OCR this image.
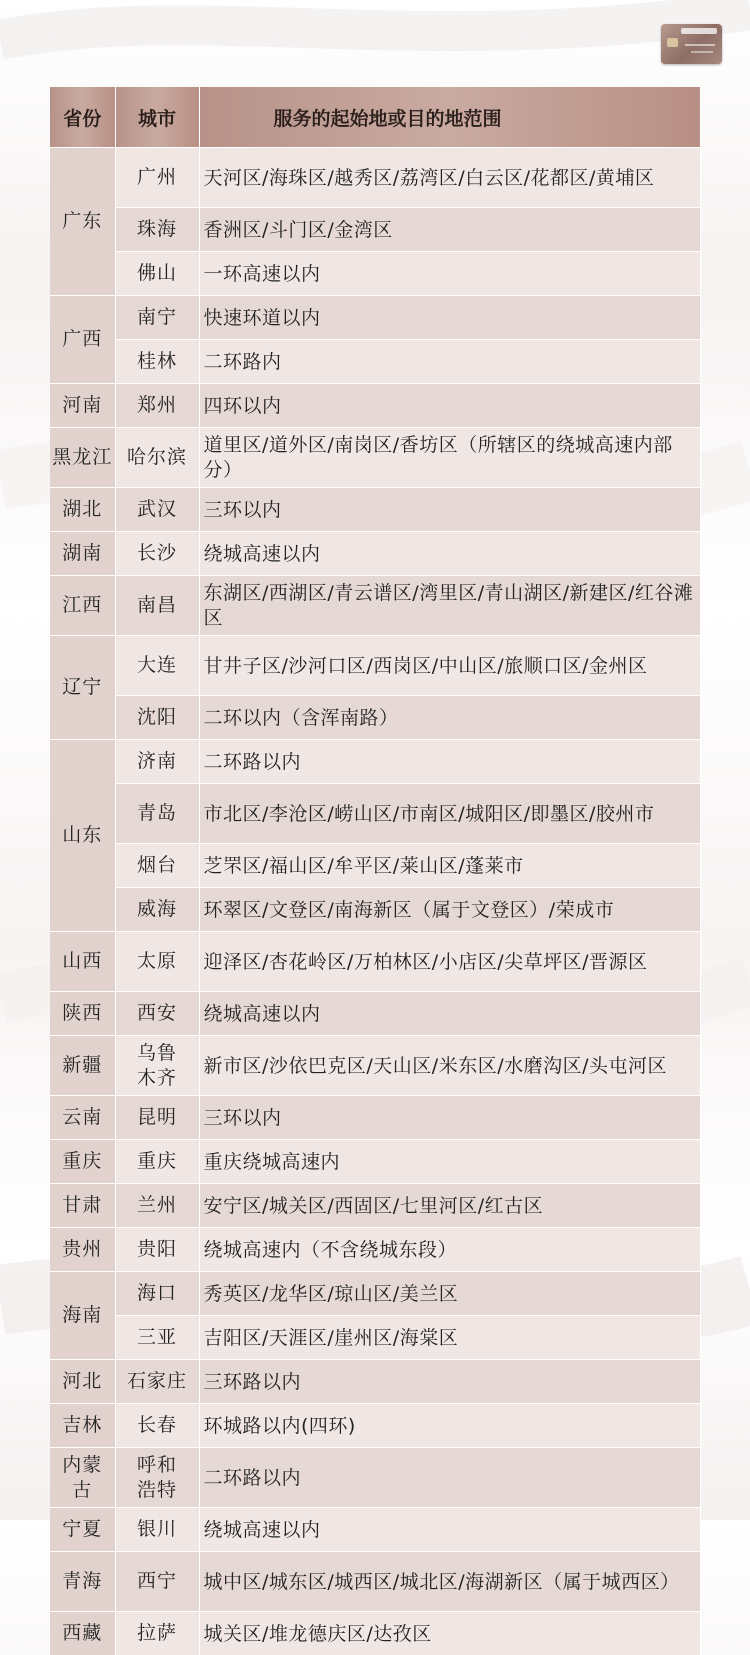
省份	城市	服务的起始地或目的地范围
广东	广州	天河区/海珠区/越秀区/荔湾区/白云区/花都区/黄埔区
	珠海	香洲区/斗门区/金湾区
	佛山	一环高速以内
广西	南宁	快速环道以内
	桂林	二环路内
河南	郑州	四环以内
黑龙江	哈尔滨	道里区/道外区/南岗区/香坊区（所辖区的绕城高速内部分）
湖北	武汉	三环以内
湖南	长沙	绕城高速以内
江西	南昌	东湖区/西湖区/青云谱区/湾里区/青山湖区/新建区/红谷滩区
辽宁	大连	甘井子区/沙河口区/西岗区/中山区/旅顺口区/金州区
	沈阳	二环以内（含浑南路）
山东	济南	二环路以内
	青岛	市北区/李沧区/崂山区/市南区/城阳区/即墨区/胶州市
	烟台	芝罘区/福山区/牟平区/莱山区/蓬莱市
	威海	环翠区/文登区/南海新区（属于文登区）/荣成市
山西	太原	迎泽区/杏花岭区/万柏林区/小店区/尖草坪区/晋源区
陕西	西安	绕城高速以内
新疆	乌鲁木齐	新市区/沙依巴克区/天山区/米东区/水磨沟区/头屯河区
云南	昆明	三环以内
重庆	重庆	重庆绕城高速内
甘肃	兰州	安宁区/城关区/西固区/七里河区/红古区
贵州	贵阳	绕城高速内（不含绕城东段）
海南	海口	秀英区/龙华区/琼山区/美兰区
	三亚	吉阳区/天涯区/崖州区/海棠区
河北	石家庄	三环路以内
吉林	长春	环城路以内(四环)
内蒙古	呼和浩特	二环路以内
宁夏	银川	绕城高速以内
青海	西宁	城中区/城东区/城西区/城北区/海湖新区（属于城西区）
西藏	拉萨	城关区/堆龙德庆区/达孜区
